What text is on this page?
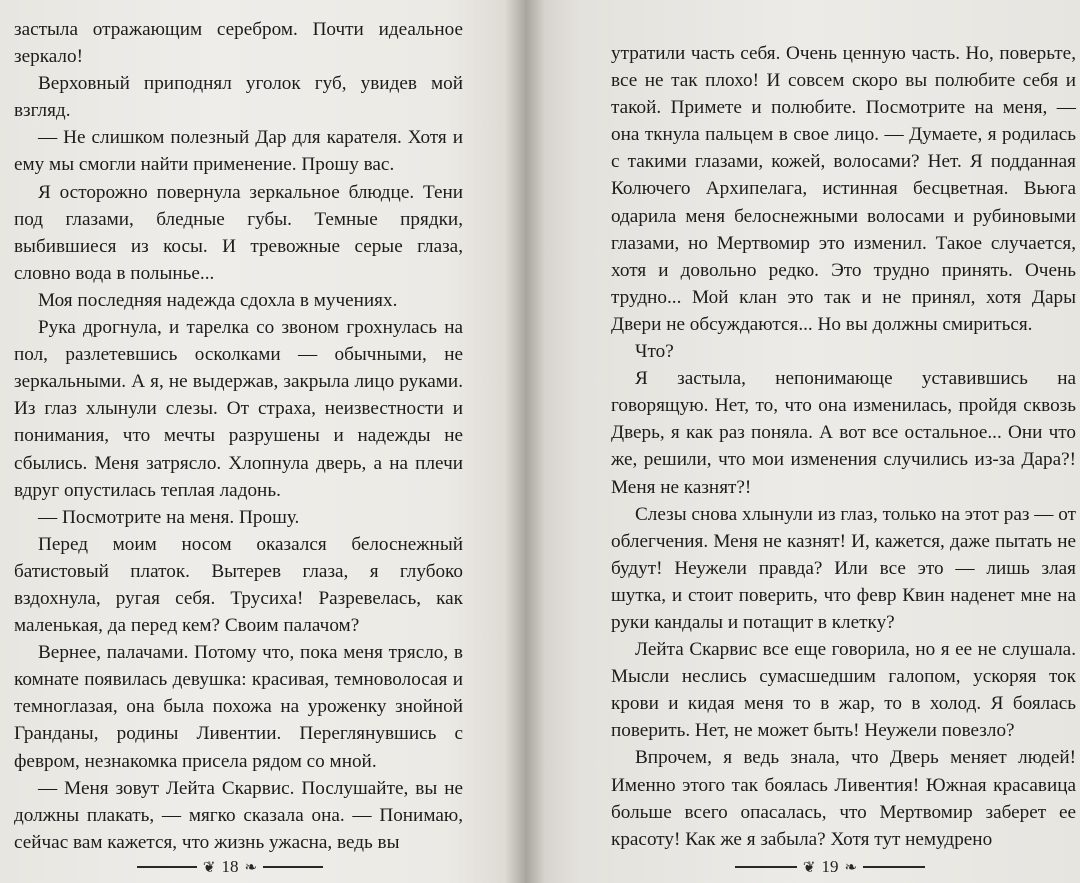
застыла отражающим серебром. Почти идеальное зеркало!

Верховный приподнял уголок губ, увидев мой взгляд.

— Не слишком полезный Дар для карателя. Хотя и ему мы смогли найти применение. Прошу вас.

Я осторожно повернула зеркальное блюдце. Тени под глазами, бледные губы. Темные прядки, выбившиеся из косы. И тревожные серые глаза, словно вода в полынье...

Моя последняя надежда сдохла в мучениях.

Рука дрогнула, и тарелка со звоном грохнулась на пол, разлетевшись осколками — обычными, не зеркальными. А я, не выдержав, закрыла лицо руками. Из глаз хлынули слезы. От страха, неизвестности и понимания, что мечты разрушены и надежды не сбылись. Меня затрясло. Хлопнула дверь, а на плечи вдруг опустилась теплая ладонь.

— Посмотрите на меня. Прошу.

Перед моим носом оказался белоснежный батистовый платок. Вытерев глаза, я глубоко вздохнула, ругая себя. Трусиха! Разревелась, как маленькая, да перед кем? Своим палачом?

Вернее, палачами. Потому что, пока меня трясло, в комнате появилась девушка: красивая, темноволосая и темноглазая, она была похожа на уроженку знойной Гранданы, родины Ливентии. Переглянувшись с февром, незнакомка присела рядом со мной.

— Меня зовут Лейта Скарвис. Послушайте, вы не должны плакать, — мягко сказала она. — Понимаю, сейчас вам кажется, что жизнь ужасна, ведь вы

❦ 18 ❧

утратили часть себя. Очень ценную часть. Но, поверьте, все не так плохо! И совсем скоро вы полюбите себя и такой. Примете и полюбите. Посмотрите на меня, — она ткнула пальцем в свое лицо. — Думаете, я родилась с такими глазами, кожей, волосами? Нет. Я подданная Колючего Архипелага, истинная бесцветная. Вьюга одарила меня белоснежными волосами и рубиновыми глазами, но Мертвомир это изменил. Такое случается, хотя и довольно редко. Это трудно принять. Очень трудно... Мой клан это так и не принял, хотя Дары Двери не обсуждаются... Но вы должны смириться.

Что?

Я застыла, непонимающе уставившись на говорящую. Нет, то, что она изменилась, пройдя сквозь Дверь, я как раз поняла. А вот все остальное... Они что же, решили, что мои изменения случились из-за Дара?! Меня не казнят?!

Слезы снова хлынули из глаз, только на этот раз — от облегчения. Меня не казнят! И, кажется, даже пытать не будут! Неужели правда? Или все это — лишь злая шутка, и стоит поверить, что февр Квин наденет мне на руки кандалы и потащит в клетку?

Лейта Скарвис все еще говорила, но я ее не слушала. Мысли неслись сумасшедшим галопом, ускоряя ток крови и кидая меня то в жар, то в холод. Я боялась поверить. Нет, не может быть! Неужели повезло?

Впрочем, я ведь знала, что Дверь меняет людей! Именно этого так боялась Ливентия! Южная красавица больше всего опасалась, что Мертвомир заберет ее красоту! Как же я забыла? Хотя тут немудрено

❦ 19 ❧
